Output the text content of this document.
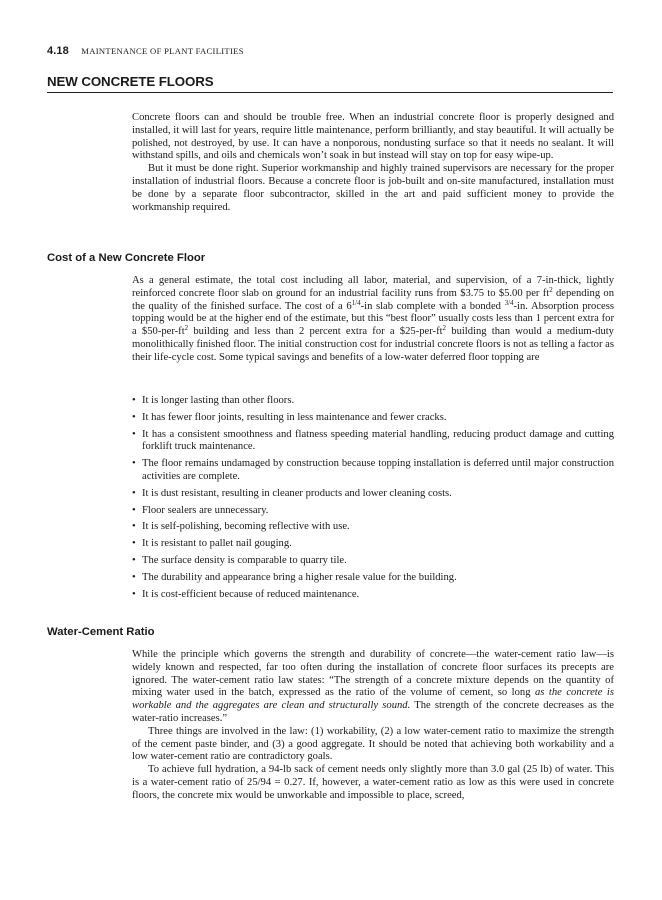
4.18 MAINTENANCE OF PLANT FACILITIES
NEW CONCRETE FLOORS

Concrete floors can and should be trouble free. When an industrial concrete floor is properly designed and installed, it will last for years, require little maintenance, perform brilliantly, and stay beautiful. It will actually be polished, not destroyed, by use. It can have a nonporous, nondusting surface so that it needs no sealant. It will withstand spills, and oils and chemicals won’t soak in but instead will stay on top for easy wipe-up.

But it must be done right. Superior workmanship and highly trained supervisors are necessary for the proper installation of industrial floors. Because a concrete floor is job-built and on-site manufactured, installation must be done by a separate floor subcontractor, skilled in the art and paid sufficient money to provide the workmanship required.

Cost of a New Concrete Floor

As a general estimate, the total cost including all labor, material, and supervision, of a 7-in-thick, lightly reinforced concrete floor slab on ground for an industrial facility runs from $3.75 to $5.00 per $ft^2$ depending on the quality of the finished surface. The cost of a $6^{1/4}-in$ slab complete with a bonded $^{3/4}$-in. Absorption process topping would be at the higher end of the estimate, but this “best floor” usually costs less than 1 percent extra for a $\$50-per-ft^2$ building and less than 2 percent extra for a $\$25-per-ft^2$ building than would a medium-duty monolithically finished floor. The initial construction cost for industrial concrete floors is not as telling a factor as their life-cycle cost. Some typical savings and benefits of a low-water deferred floor topping are

• It is longer lasting than other floors.
• It has fewer floor joints, resulting in less maintenance and fewer cracks.
• It has a consistent smoothness and flatness speeding material handling, reducing product damage and cutting forklift truck maintenance.
• The floor remains undamaged by construction because topping installation is deferred until major construction activities are complete.
• It is dust resistant, resulting in cleaner products and lower cleaning costs.
• Floor sealers are unnecessary.
• It is self-polishing, becoming reflective with use.
• It is resistant to pallet nail gouging.
• The surface density is comparable to quarry tile.
• The durability and appearance bring a higher resale value for the building.
• It is cost-efficient because of reduced maintenance.
Water-Cement Ratio

While the principle which governs the strength and durability of concrete—the water-cement ratio law—is widely known and respected, far too often during the installation of concrete floor surfaces its precepts are ignored. The water-cement ratio law states: “The strength of a concrete mixture depends on the quantity of mixing water used in the batch, expressed as the ratio of the volume of cement, so long as the concrete is workable and the aggregates are clean and structurally sound. The strength of the concrete decreases as the water-ratio increases.”

Three things are involved in the law: (1) workability, (2) a low water-cement ratio to maximize the strength of the cement paste binder, and (3) a good aggregate. It should be noted that achieving both workability and a low water-cement ratio are contradictory goals.

To achieve full hydration, a 94-lb sack of cement needs only slightly more than 3.0 gal (25 lb) of water. This is a water-cement ratio of 25/94 = 0.27. If, however, a water-cement ratio as low as this were used in concrete floors, the concrete mix would be unworkable and impossible to place, screed,
